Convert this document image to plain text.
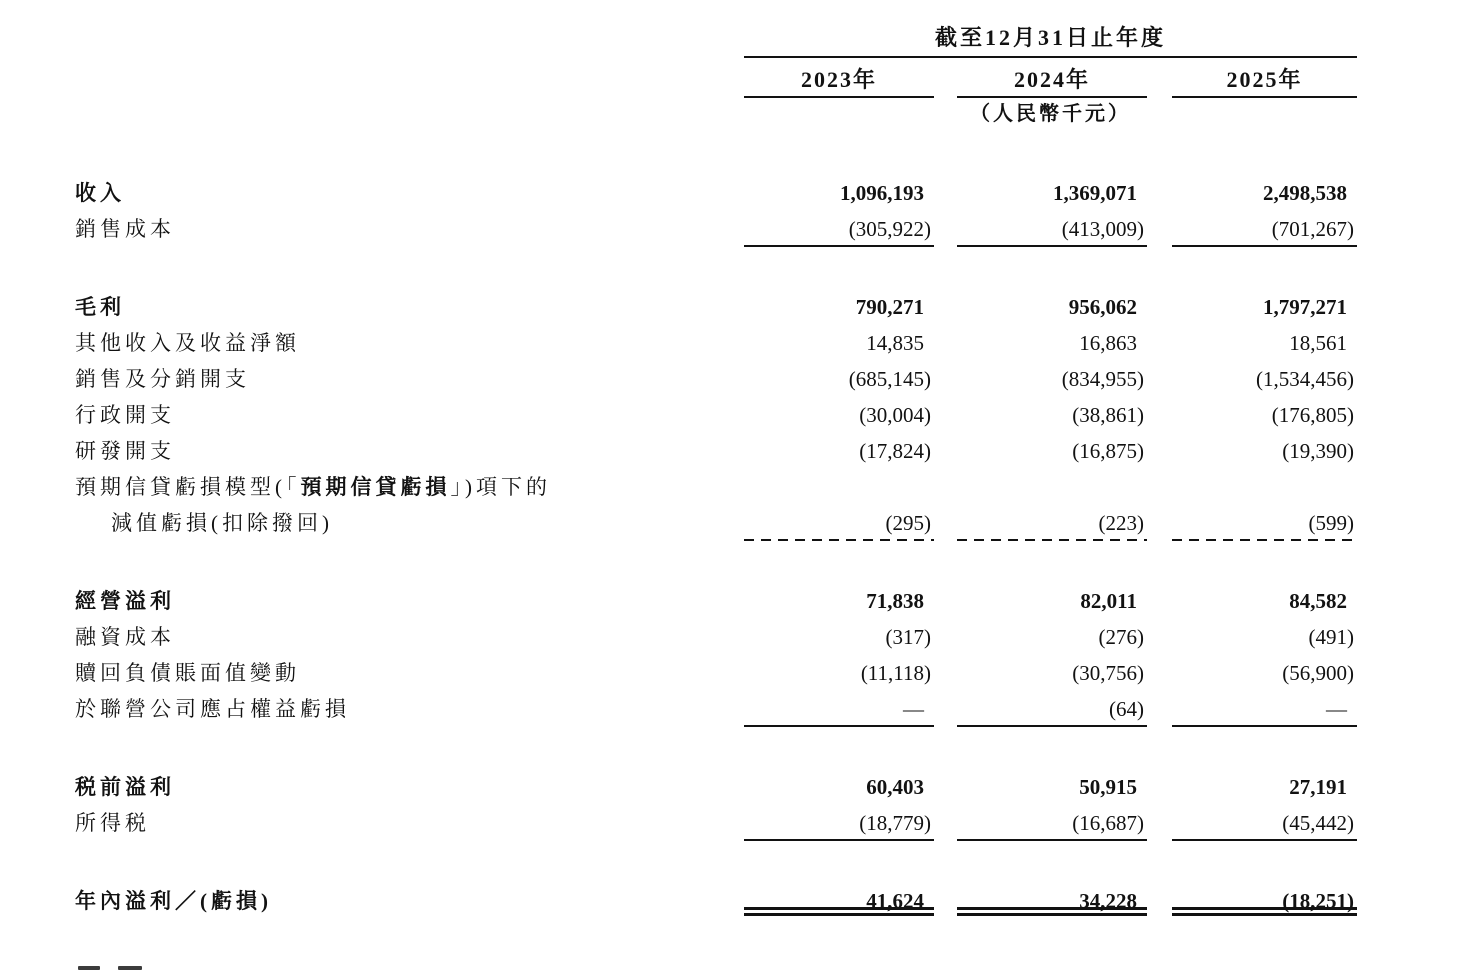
截至12月31日止年度
2023年	2024年	2025年
（人民幣千元）
收入	1,096,193	1,369,071	2,498,538
銷售成本	(305,922)	(413,009)	(701,267)
毛利	790,271	956,062	1,797,271
其他收入及收益淨額	14,835	16,863	18,561
銷售及分銷開支	(685,145)	(834,955)	(1,534,456)
行政開支	(30,004)	(38,861)	(176,805)
研發開支	(17,824)	(16,875)	(19,390)
預期信貸虧損模型(「預期信貸虧損」)項下的
減值虧損(扣除撥回)	(295 )	(223 )	(599 )
經營溢利	71,838	82,011	84,582
融資成本	(317)	(276)	(491)
贖回負債賬面值變動	(11,118)	(30,756)	(56,900)
於聯營公司應占權益虧損	—	(64)	—
税前溢利	60,403	50,915	27,191
所得税	(18,779)	(16,687)	(45,442)
年內溢利／(虧損)	41,624	34,228	(18,251)
